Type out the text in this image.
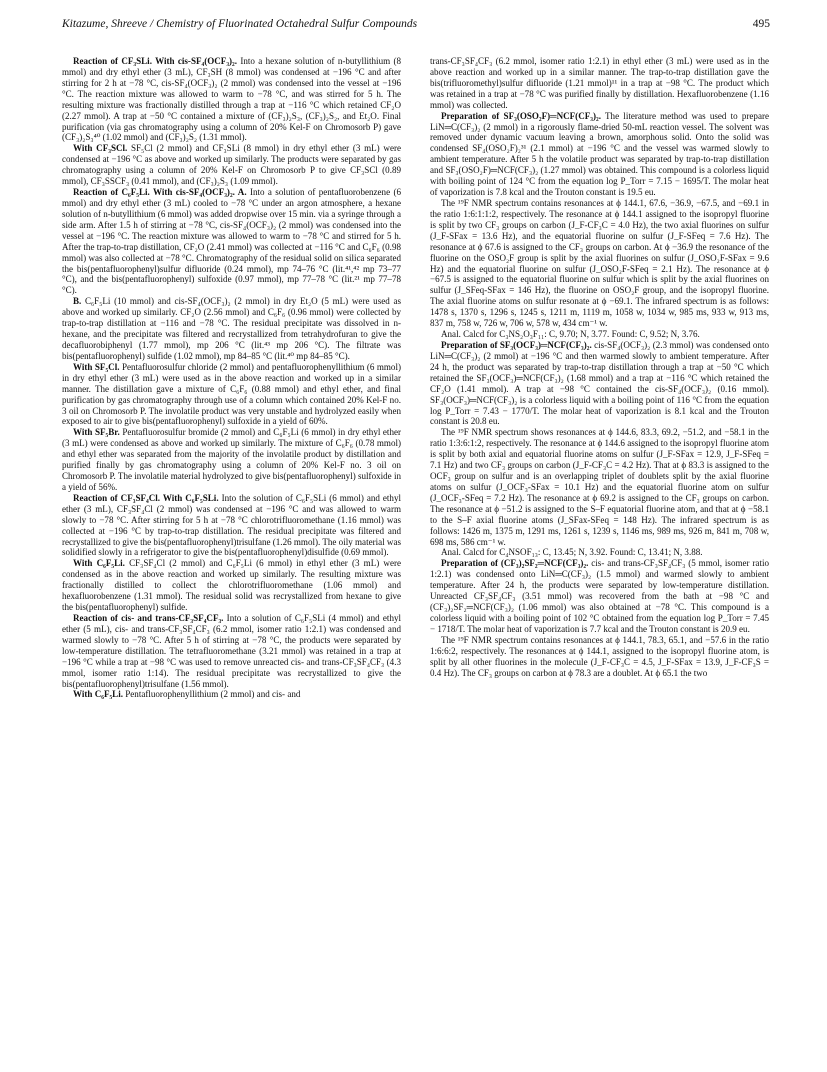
Kitazume, Shreeve / Chemistry of Fluorinated Octahedral Sulfur Compounds	495

Reaction of CF₃SLi. With cis-SF₄(OCF₃)₂. Into a hexane solution of n-butyllithium (8 mmol) and dry ethyl ether (3 mL), CF₃SH (8 mmol) was condensed at −196 °C and after stirring for 2 h at −78 °C, cis-SF₄(OCF₃)₂ (2 mmol) was condensed into the vessel at −196 °C. The reaction mixture was allowed to warm to −78 °C, and was stirred for 5 h. The resulting mixture was fractionally distilled through a trap at −116 °C which retained CF₂O (2.27 mmol). A trap at −50 °C contained a mixture of (CF₃)₂S₃, (CF₃)₂S₂, and Et₂O. Final purification (via gas chromatography using a column of 20% Kel-F on Chromosorb P) gave (CF₃)₂S₃⁴⁰ (1.02 mmol) and (CF₃)₂S₂ (1.31 mmol).

With CF₃SCl. SF₅Cl (2 mmol) and CF₃SLi (8 mmol) in dry ethyl ether (3 mL) were condensed at −196 °C as above and worked up similarly. The products were separated by gas chromatography using a column of 20% Kel-F on Chromosorb P to give CF₃SCl (0.89 mmol), CF₃SSCF₃ (0.41 mmol), and (CF₃)₂S₃ (1.09 mmol).

Reaction of C₆F₅Li. With cis-SF₄(OCF₃)₂. A. Into a solution of pentafluorobenzene (6 mmol) and dry ethyl ether (3 mL) cooled to −78 °C under an argon atmosphere, a hexane solution of n-butyllithium (6 mmol) was added dropwise over 15 min. via a syringe through a side arm. After 1.5 h of stirring at −78 °C, cis-SF₄(OCF₃)₂ (2 mmol) was condensed into the vessel at −196 °C. The reaction mixture was allowed to warm to −78 °C and stirred for 5 h. After the trap-to-trap distillation, CF₂O (2.41 mmol) was collected at −116 °C and C₆F₆ (0.98 mmol) was also collected at −78 °C. Chromatography of the residual solid on silica separated the bis(pentafluorophenyl)sulfur difluoride (0.24 mmol), mp 74–76 °C (lit.⁴¹,⁴² mp 73–77 °C), and the bis(pentafluorophenyl) sulfoxide (0.97 mmol), mp 77–78 °C (lit.²¹ mp 77–78 °C).

B. C₆F₅Li (10 mmol) and cis-SF₄(OCF₃)₂ (2 mmol) in dry Et₂O (5 mL) were used as above and worked up similarly. CF₂O (2.56 mmol) and C₆F₆ (0.96 mmol) were collected by trap-to-trap distillation at −116 and −78 °C. The residual precipitate was dissolved in n-hexane, and the precipitate was filtered and recrystallized from tetrahydrofuran to give the decafluorobiphenyl (1.77 mmol), mp 206 °C (lit.⁴³ mp 206 °C). The filtrate was bis(pentafluorophenyl) sulfide (1.02 mmol), mp 84–85 °C (lit.⁴⁰ mp 84–85 °C).

With SF₅Cl. Pentafluorosulfur chloride (2 mmol) and pentafluorophenyllithium (6 mmol) in dry ethyl ether (3 mL) were used as in the above reaction and worked up in a similar manner. The distillation gave a mixture of C₆F₆ (0.88 mmol) and ethyl ether, and final purification by gas chromatography through use of a column which contained 20% Kel-F no. 3 oil on Chromosorb P. The involatile product was very unstable and hydrolyzed easily when exposed to air to give bis(pentafluorophenyl) sulfoxide in a yield of 60%.

With SF₅Br. Pentafluorosulfur bromide (2 mmol) and C₆F₅Li (6 mmol) in dry ethyl ether (3 mL) were condensed as above and worked up similarly. The mixture of C₆F₆ (0.78 mmol) and ethyl ether was separated from the majority of the involatile product by distillation and purified finally by gas chromatography using a column of 20% Kel-F no. 3 oil on Chromosorb P. The involatile material hydrolyzed to give bis(pentafluorophenyl) sulfoxide in a yield of 56%.

Reaction of CF₃SF₄Cl. With C₆F₅SLi. Into the solution of C₆F₅SLi (6 mmol) and ethyl ether (3 mL), CF₃SF₄Cl (2 mmol) was condensed at −196 °C and was allowed to warm slowly to −78 °C. After stirring for 5 h at −78 °C chlorotrifluoromethane (1.16 mmol) was collected at −196 °C by trap-to-trap distillation. The residual precipitate was filtered and recrystallized to give the bis(pentafluorophenyl)trisulfane (1.26 mmol). The oily material was solidified slowly in a refrigerator to give the bis(pentafluorophenyl)disulfide (0.69 mmol).

With C₆F₅Li. CF₃SF₄Cl (2 mmol) and C₆F₅Li (6 mmol) in ethyl ether (3 mL) were condensed as in the above reaction and worked up similarly. The resulting mixture was fractionally distilled to collect the chlorotrifluoromethane (1.06 mmol) and hexafluorobenzene (1.31 mmol). The residual solid was recrystallized from hexane to give the bis(pentafluorophenyl) sulfide.

Reaction of cis- and trans-CF₃SF₄CF₃. Into a solution of C₆F₅SLi (4 mmol) and ethyl ether (5 mL), cis- and trans-CF₃SF₄CF₃ (6.2 mmol, isomer ratio 1:2.1) was condensed and warmed slowly to −78 °C. After 5 h of stirring at −78 °C, the products were separated by low-temperature distillation. The tetrafluoromethane (3.21 mmol) was retained in a trap at −196 °C while a trap at −98 °C was used to remove unreacted cis- and trans-CF₃SF₄CF₃ (4.3 mmol, isomer ratio 1:14). The residual precipitate was recrystallized to give the bis(pentafluorophenyl)trisulfane (1.56 mmol).

With C₆F₅Li. Pentafluorophenyllithium (2 mmol) and cis- and

trans-CF₃SF₄CF₃ (6.2 mmol, isomer ratio 1:2.1) in ethyl ether (3 mL) were used as in the above reaction and worked up in a similar manner. The trap-to-trap distillation gave the bis(trifluoromethyl)sulfur difluoride (1.21 mmol)¹¹ in a trap at −98 °C. The product which was retained in a trap at −78 °C was purified finally by distillation. Hexafluorobenzene (1.16 mmol) was collected.

Preparation of SF₃(OSO₂F)═NCF(CF₃)₂. The literature method was used to prepare LiN═C(CF₃)₂ (2 mmol) in a rigorously flame-dried 50-mL reaction vessel. The solvent was removed under dynamic vacuum leaving a brown, amorphous solid. Onto the solid was condensed SF₄(OSO₂F)₂³¹ (2.1 mmol) at −196 °C and the vessel was warmed slowly to ambient temperature. After 5 h the volatile product was separated by trap-to-trap distillation and SF₃(OSO₂F)═NCF(CF₃)₂ (1.27 mmol) was obtained. This compound is a colorless liquid with boiling point of 124 °C from the equation log P_Torr = 7.15 − 1695/T. The molar heat of vaporization is 7.8 kcal and the Trouton constant is 19.5 eu.

The ¹⁹F NMR spectrum contains resonances at ϕ 144.1, 67.6, −36.9, −67.5, and −69.1 in the ratio 1:6:1:1:2, respectively. The resonance at ϕ 144.1 assigned to the isopropyl fluorine is split by two CF₃ groups on carbon (J_F-CF₃C = 4.0 Hz), the two axial fluorines on sulfur (J_F-SFax = 13.6 Hz), and the equatorial fluorine on sulfur (J_F-SFeq = 7.6 Hz). The resonance at ϕ 67.6 is assigned to the CF₃ groups on carbon. At ϕ −36.9 the resonance of the fluorine on the OSO₂F group is split by the axial fluorines on sulfur (J_OSO₂F-SFax = 9.6 Hz) and the equatorial fluorine on sulfur (J_OSO₂F-SFeq = 2.1 Hz). The resonance at ϕ −67.5 is assigned to the equatorial fluorine on sulfur which is split by the axial fluorines on sulfur (J_SFeq-SFax = 146 Hz), the fluorine on OSO₂F group, and the isopropyl fluorine. The axial fluorine atoms on sulfur resonate at ϕ −69.1. The infrared spectrum is as follows: 1478 s, 1370 s, 1296 s, 1245 s, 1211 m, 1119 m, 1058 w, 1034 w, 985 ms, 933 w, 913 ms, 837 m, 758 w, 726 w, 706 w, 578 w, 434 cm⁻¹ w.

Anal. Calcd for C₃NS₂O₃F₁₁: C, 9.70; N, 3.77. Found: C, 9.52; N, 3.76.

Preparation of SF₃(OCF₃)═NCF(CF₃)₂. cis-SF₄(OCF₃)₂ (2.3 mmol) was condensed onto LiN═C(CF₃)₂ (2 mmol) at −196 °C and then warmed slowly to ambient temperature. After 24 h, the product was separated by trap-to-trap distillation through a trap at −50 °C which retained the SF₃(OCF₃)═NCF(CF₃)₂ (1.68 mmol) and a trap at −116 °C which retained the CF₂O (1.41 mmol). A trap at −98 °C contained the cis-SF₄(OCF₃)₂ (0.16 mmol). SF₃(OCF₃)═NCF(CF₃)₂ is a colorless liquid with a boiling point of 116 °C from the equation log P_Torr = 7.43 − 1770/T. The molar heat of vaporization is 8.1 kcal and the Trouton constant is 20.8 eu.

The ¹⁹F NMR spectrum shows resonances at ϕ 144.6, 83.3, 69.2, −51.2, and −58.1 in the ratio 1:3:6:1:2, respectively. The resonance at ϕ 144.6 assigned to the isopropyl fluorine atom is split by both axial and equatorial fluorine atoms on sulfur (J_F-SFax = 12.9, J_F-SFeq = 7.1 Hz) and two CF₃ groups on carbon (J_F-CF₃C = 4.2 Hz). That at ϕ 83.3 is assigned to the OCF₃ group on sulfur and is an overlapping triplet of doublets split by the axial fluorine atoms on sulfur (J_OCF₃-SFax = 10.1 Hz) and the equatorial fluorine atom on sulfur (J_OCF₃-SFeq = 7.2 Hz). The resonance at ϕ 69.2 is assigned to the CF₃ groups on carbon. The resonance at ϕ −51.2 is assigned to the S–F equatorial fluorine atom, and that at ϕ −58.1 to the S–F axial fluorine atoms (J_SFax-SFeq = 148 Hz). The infrared spectrum is as follows: 1426 m, 1375 m, 1291 ms, 1261 s, 1239 s, 1146 ms, 989 ms, 926 m, 841 m, 708 w, 698 ms, 586 cm⁻¹ w.

Anal. Calcd for C₄NSOF₁₃: C, 13.45; N, 3.92. Found: C, 13.41; N, 3.88.

Preparation of (CF₃)₂SF₂═NCF(CF₃)₂. cis- and trans-CF₃SF₄CF₃ (5 mmol, isomer ratio 1:2.1) was condensed onto LiN═C(CF₃)₂ (1.5 mmol) and warmed slowly to ambient temperature. After 24 h, the products were separated by low-temperature distillation. Unreacted CF₃SF₄CF₃ (3.51 mmol) was recovered from the bath at −98 °C and (CF₃)₂SF₂═NCF(CF₃)₂ (1.06 mmol) was also obtained at −78 °C. This compound is a colorless liquid with a boiling point of 102 °C obtained from the equation log P_Torr = 7.45 − 1718/T. The molar heat of vaporization is 7.7 kcal and the Trouton constant is 20.9 eu.

The ¹⁹F NMR spectrum contains resonances at ϕ 144.1, 78.3, 65.1, and −57.6 in the ratio 1:6:6:2, respectively. The resonances at ϕ 144.1, assigned to the isopropyl fluorine atom, is split by all other fluorines in the molecule (J_F-CF₃C = 4.5, J_F-SFax = 13.9, J_F-CF₃S = 0.4 Hz). The CF₃ groups on carbon at ϕ 78.3 are a doublet. At ϕ 65.1 the two
